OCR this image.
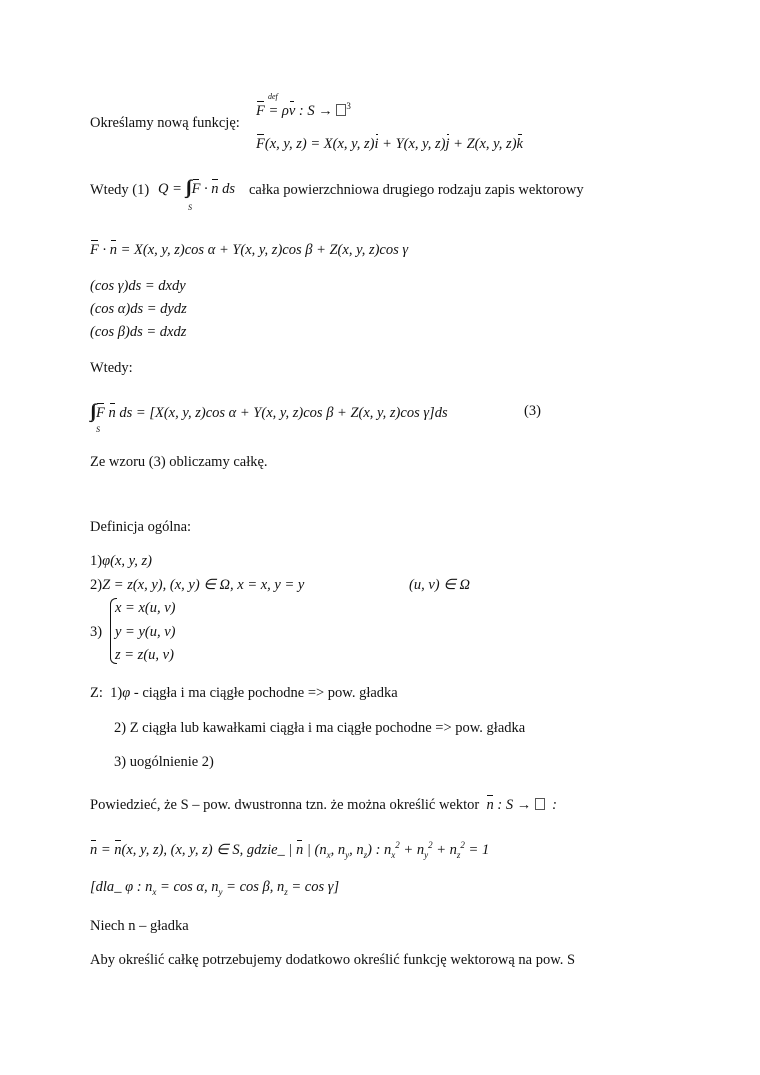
Określamy nową funkcję:
def
F = ρv : S → $^3$
F(x, y, z) = X(x, y, z)i + Y(x, y, z)j + Z(x, y, z)k
Wtedy (1) Q = ∫∫ F · n ds
S
całka powierzchniowa drugiego rodzaju zapis wektorowy
F · n = X(x, y, z)cos α + Y(x, y, z)cos β + Z(x, y, z)cos γ
(cos γ)ds = dxdy
(cos α)ds = dydz
(cos β)ds = dxdz
Wtedy:
∫∫ F n ds = [X(x, y, z)cos α + Y(x, y, z)cos β + Z(x, y, z)cos γ]ds
S
(3)
Ze wzoru (3) obliczamy całkę.
Definicja ogólna:
1)φ(x, y, z)
2)Z = z(x, y), (x, y) ∈ Ω, x = x, y = y	(u, v) ∈ Ω
3)
x = x(u, v)
y = y(u, v)
z = z(u, v)
Z: 1)φ - ciągła i ma ciągłe pochodne => pow. gładka
2) Z ciągła lub kawałkami ciągła i ma ciągłe pochodne => pow. gładka
3) uogólnienie 2)
Powiedzieć, że S – pow. dwustronna tzn. że można określić wektor n : S →   :
n = n(x, y, z), (x, y, z) ∈ S, gdzie_ | n | ($n_x$, $n_y$, $n_z$) : $n_x^2 + n_y^2 + n_z^2 = 1$
[dla_ φ : $n_x = \cos \alpha$, $n_y = \cos \beta$, $n_z = \cos \gamma$]
Niech n – gładka
Aby określić całkę potrzebujemy dodatkowo określić funkcję wektorową na pow. S
